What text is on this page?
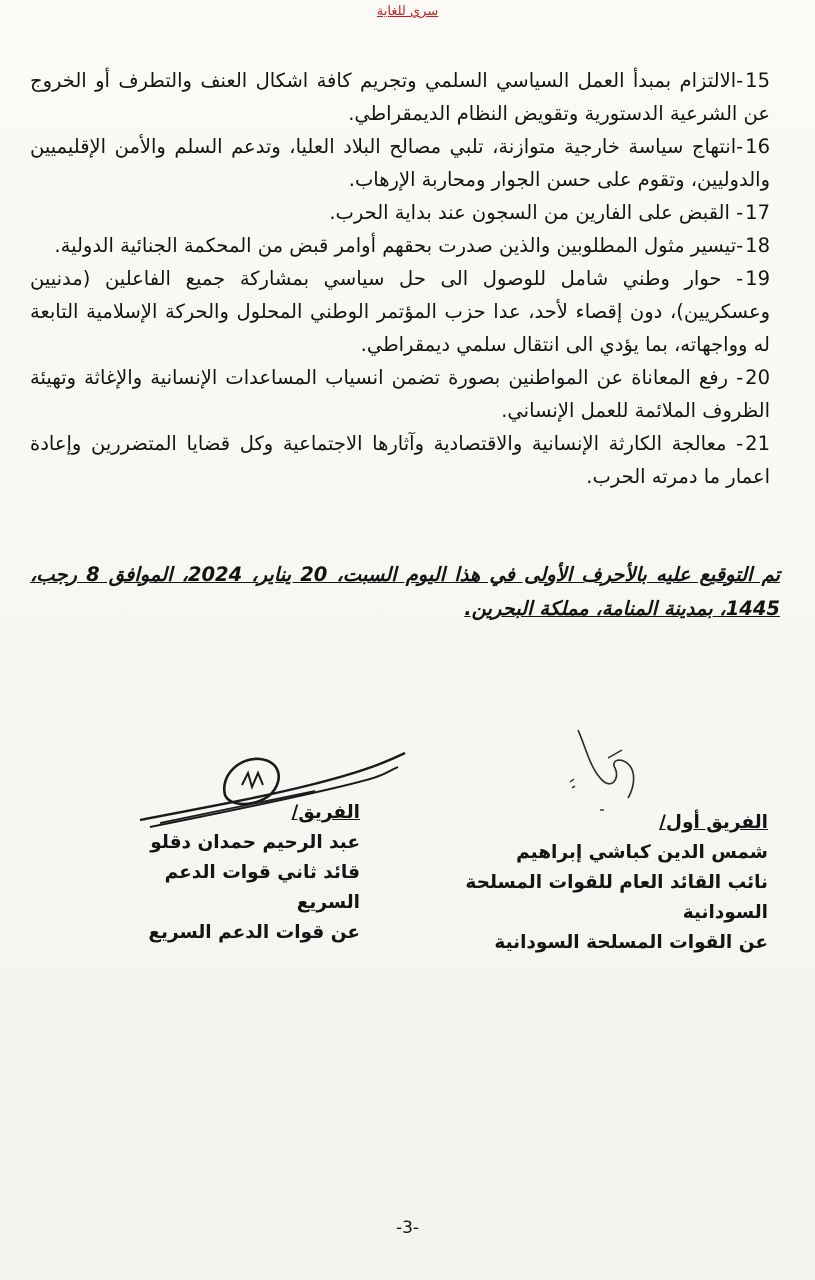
سري للغاية
15-الالتزام بمبدأ العمل السياسي السلمي وتجريم كافة اشكال العنف والتطرف أو الخروج عن الشرعية الدستورية وتقويض النظام الديمقراطي.
16-انتهاج سياسة خارجية متوازنة، تلبي مصالح البلاد العليا، وتدعم السلم والأمن الإقليميين والدوليين، وتقوم على حسن الجوار ومحاربة الإرهاب.
17- القبض على الفارين من السجون عند بداية الحرب.
18-تيسير مثول المطلوبين والذين صدرت بحقهم أوامر قبض من المحكمة الجنائية الدولية.
19- حوار وطني شامل للوصول الى حل سياسي بمشاركة جميع الفاعلين (مدنيين وعسكريين)، دون إقصاء لأحد، عدا حزب المؤتمر الوطني المحلول والحركة الإسلامية التابعة له وواجهاته، بما يؤدي الى انتقال سلمي ديمقراطي.
20- رفع المعاناة عن المواطنين بصورة تضمن انسياب المساعدات الإنسانية والإغاثة وتهيئة الظروف الملائمة للعمل الإنساني.
21- معالجة الكارثة الإنسانية والاقتصادية وآثارها الاجتماعية وكل قضايا المتضررين وإعادة اعمار ما دمرته الحرب.

تم التوقيع عليه بالأحرف الأولى في هذا اليوم السبت، 20 يناير، 2024، الموافق 8 رجب، 1445، بمدينة المنامة، مملكة البحرين.

الفريق أول/
شمس الدين كباشي إبراهيم
نائب القائد العام للقوات المسلحة السودانية
عن القوات المسلحة السودانية
الفريق/
عبد الرحيم حمدان دقلو
قائد ثاني قوات الدعم السريع
عن قوات الدعم السريع
-3-
